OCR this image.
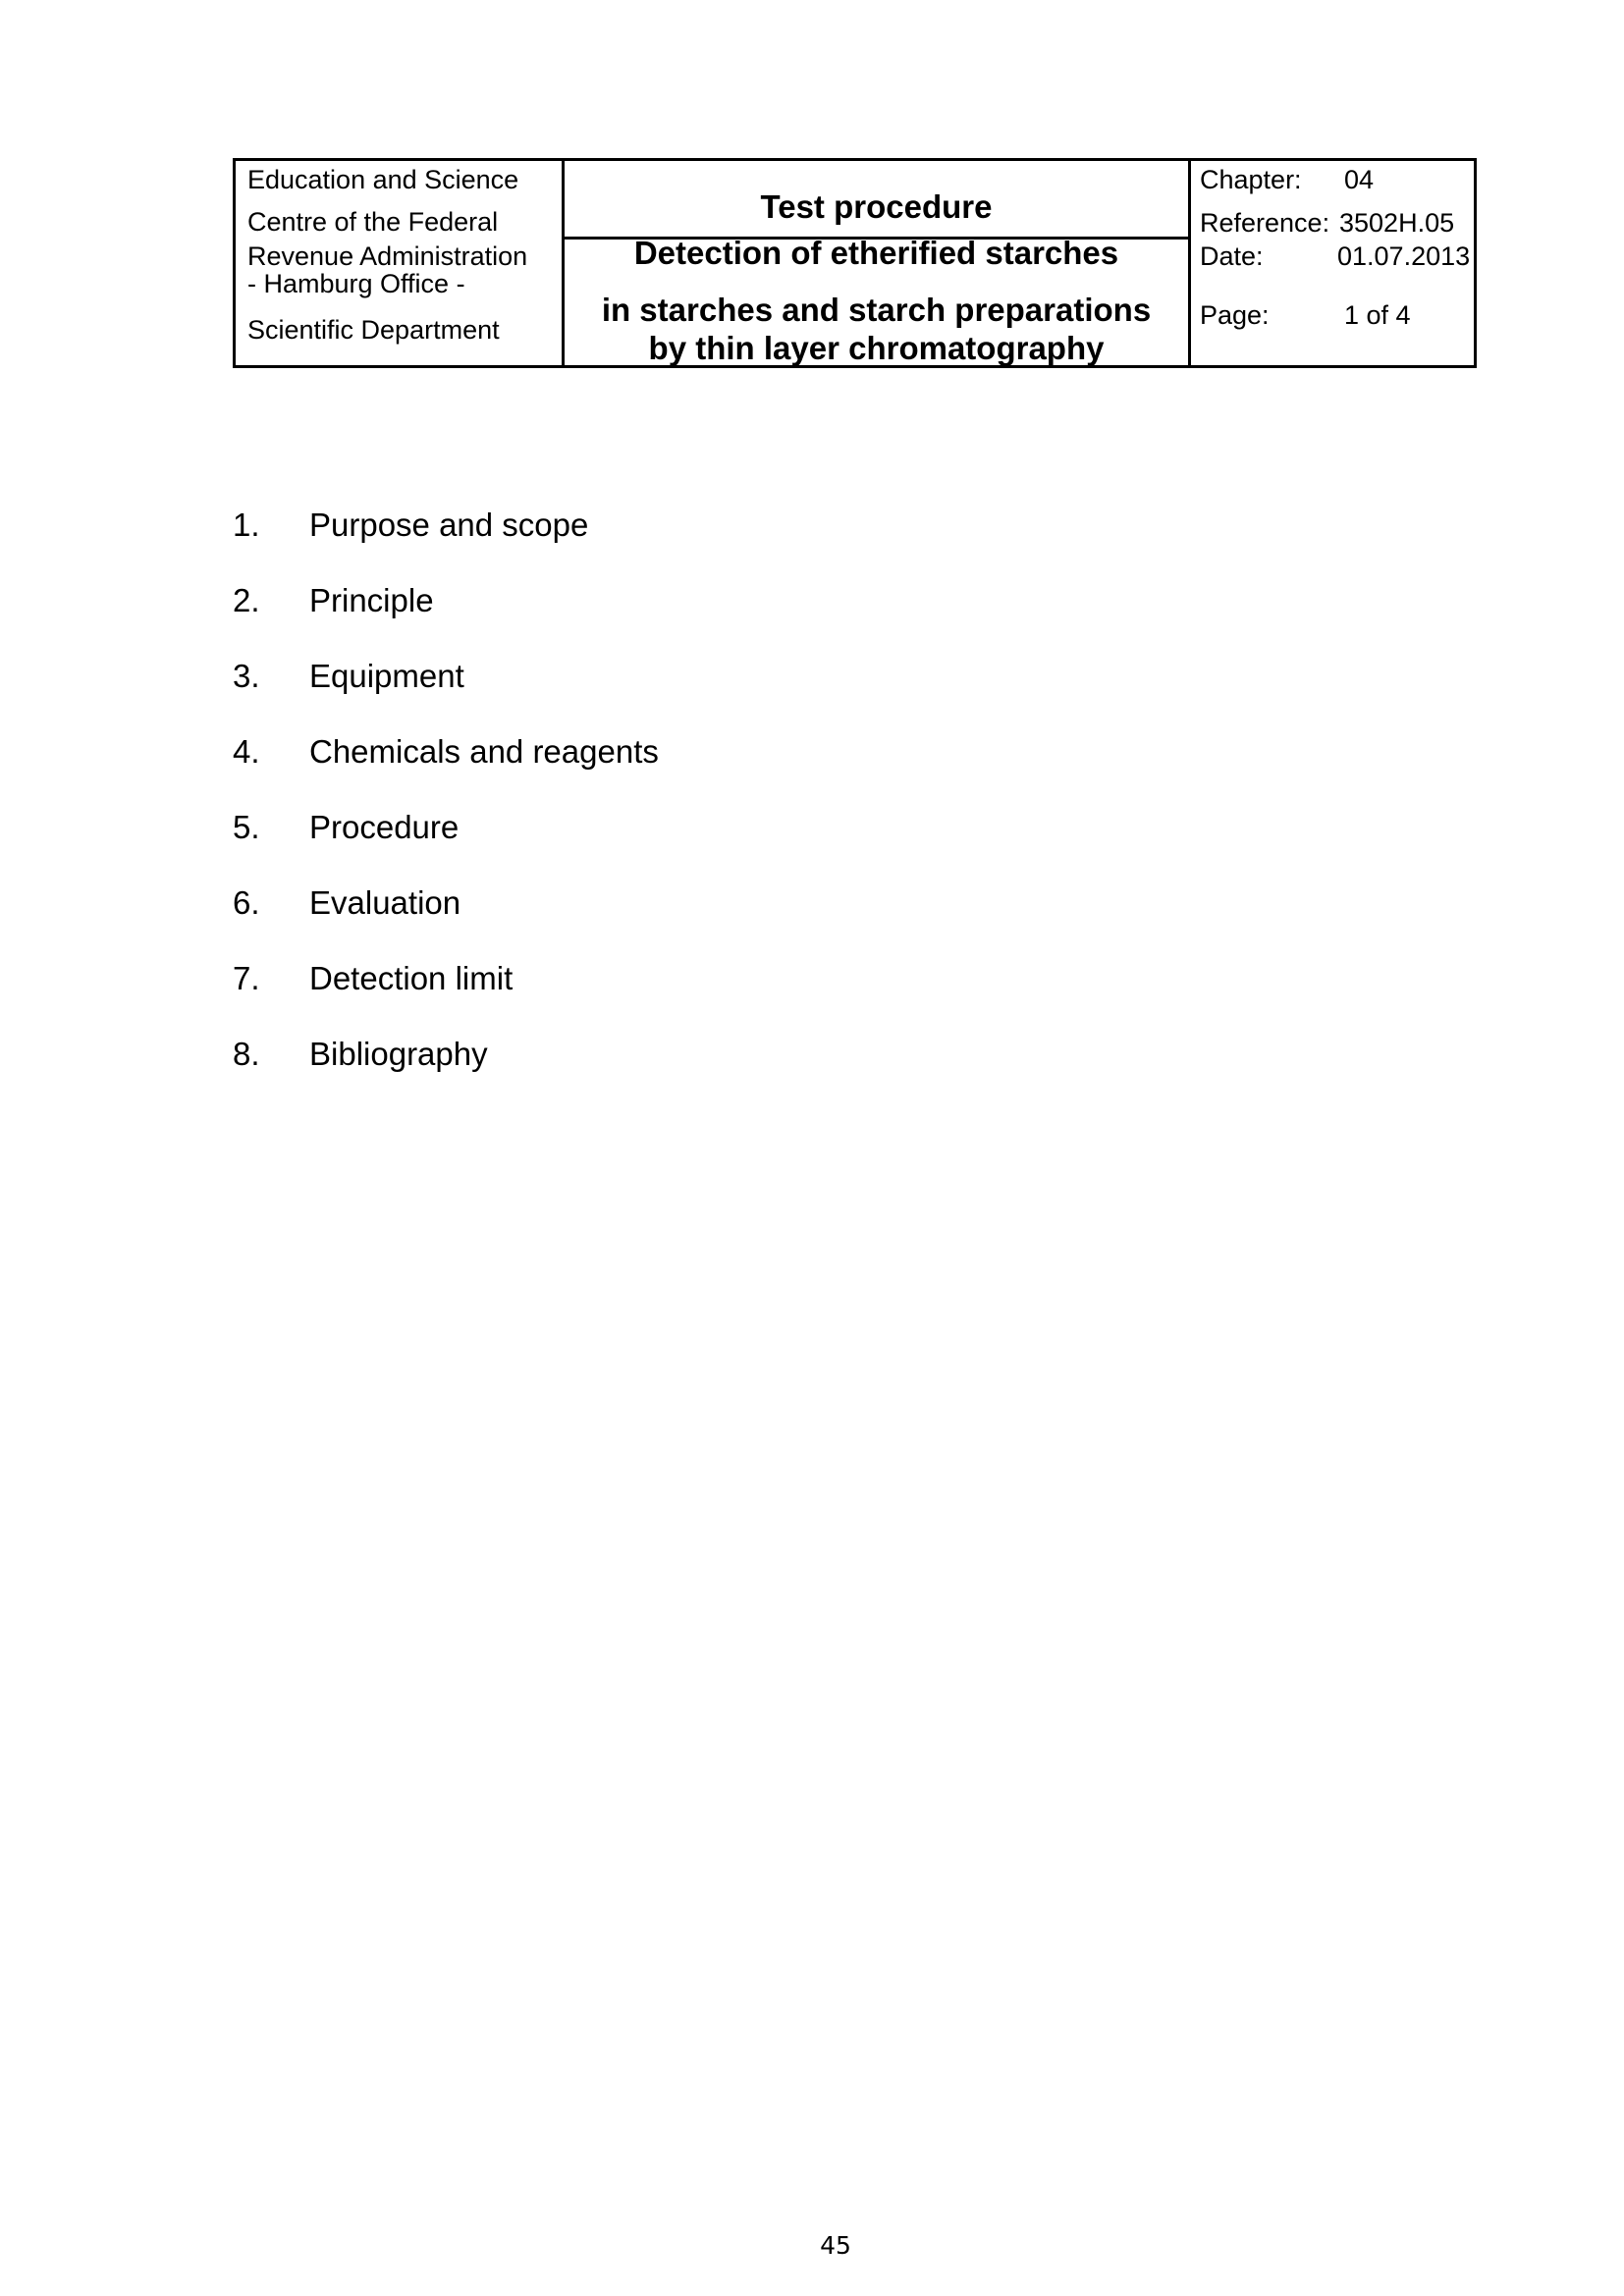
Education and Science
Centre of the Federal
Revenue Administration
- Hamburg Office -
Scientific Department
Test procedure
Detection of etherified starches
in starches and starch preparations
by thin layer chromatography
Chapter: 04
Reference: 3502H.05
Date:	01.07.2013
Page:	1 of 4
1. Purpose and scope
2. Principle
3. Equipment
4. Chemicals and reagents
5. Procedure
6. Evaluation
7. Detection limit
8. Bibliography
45
